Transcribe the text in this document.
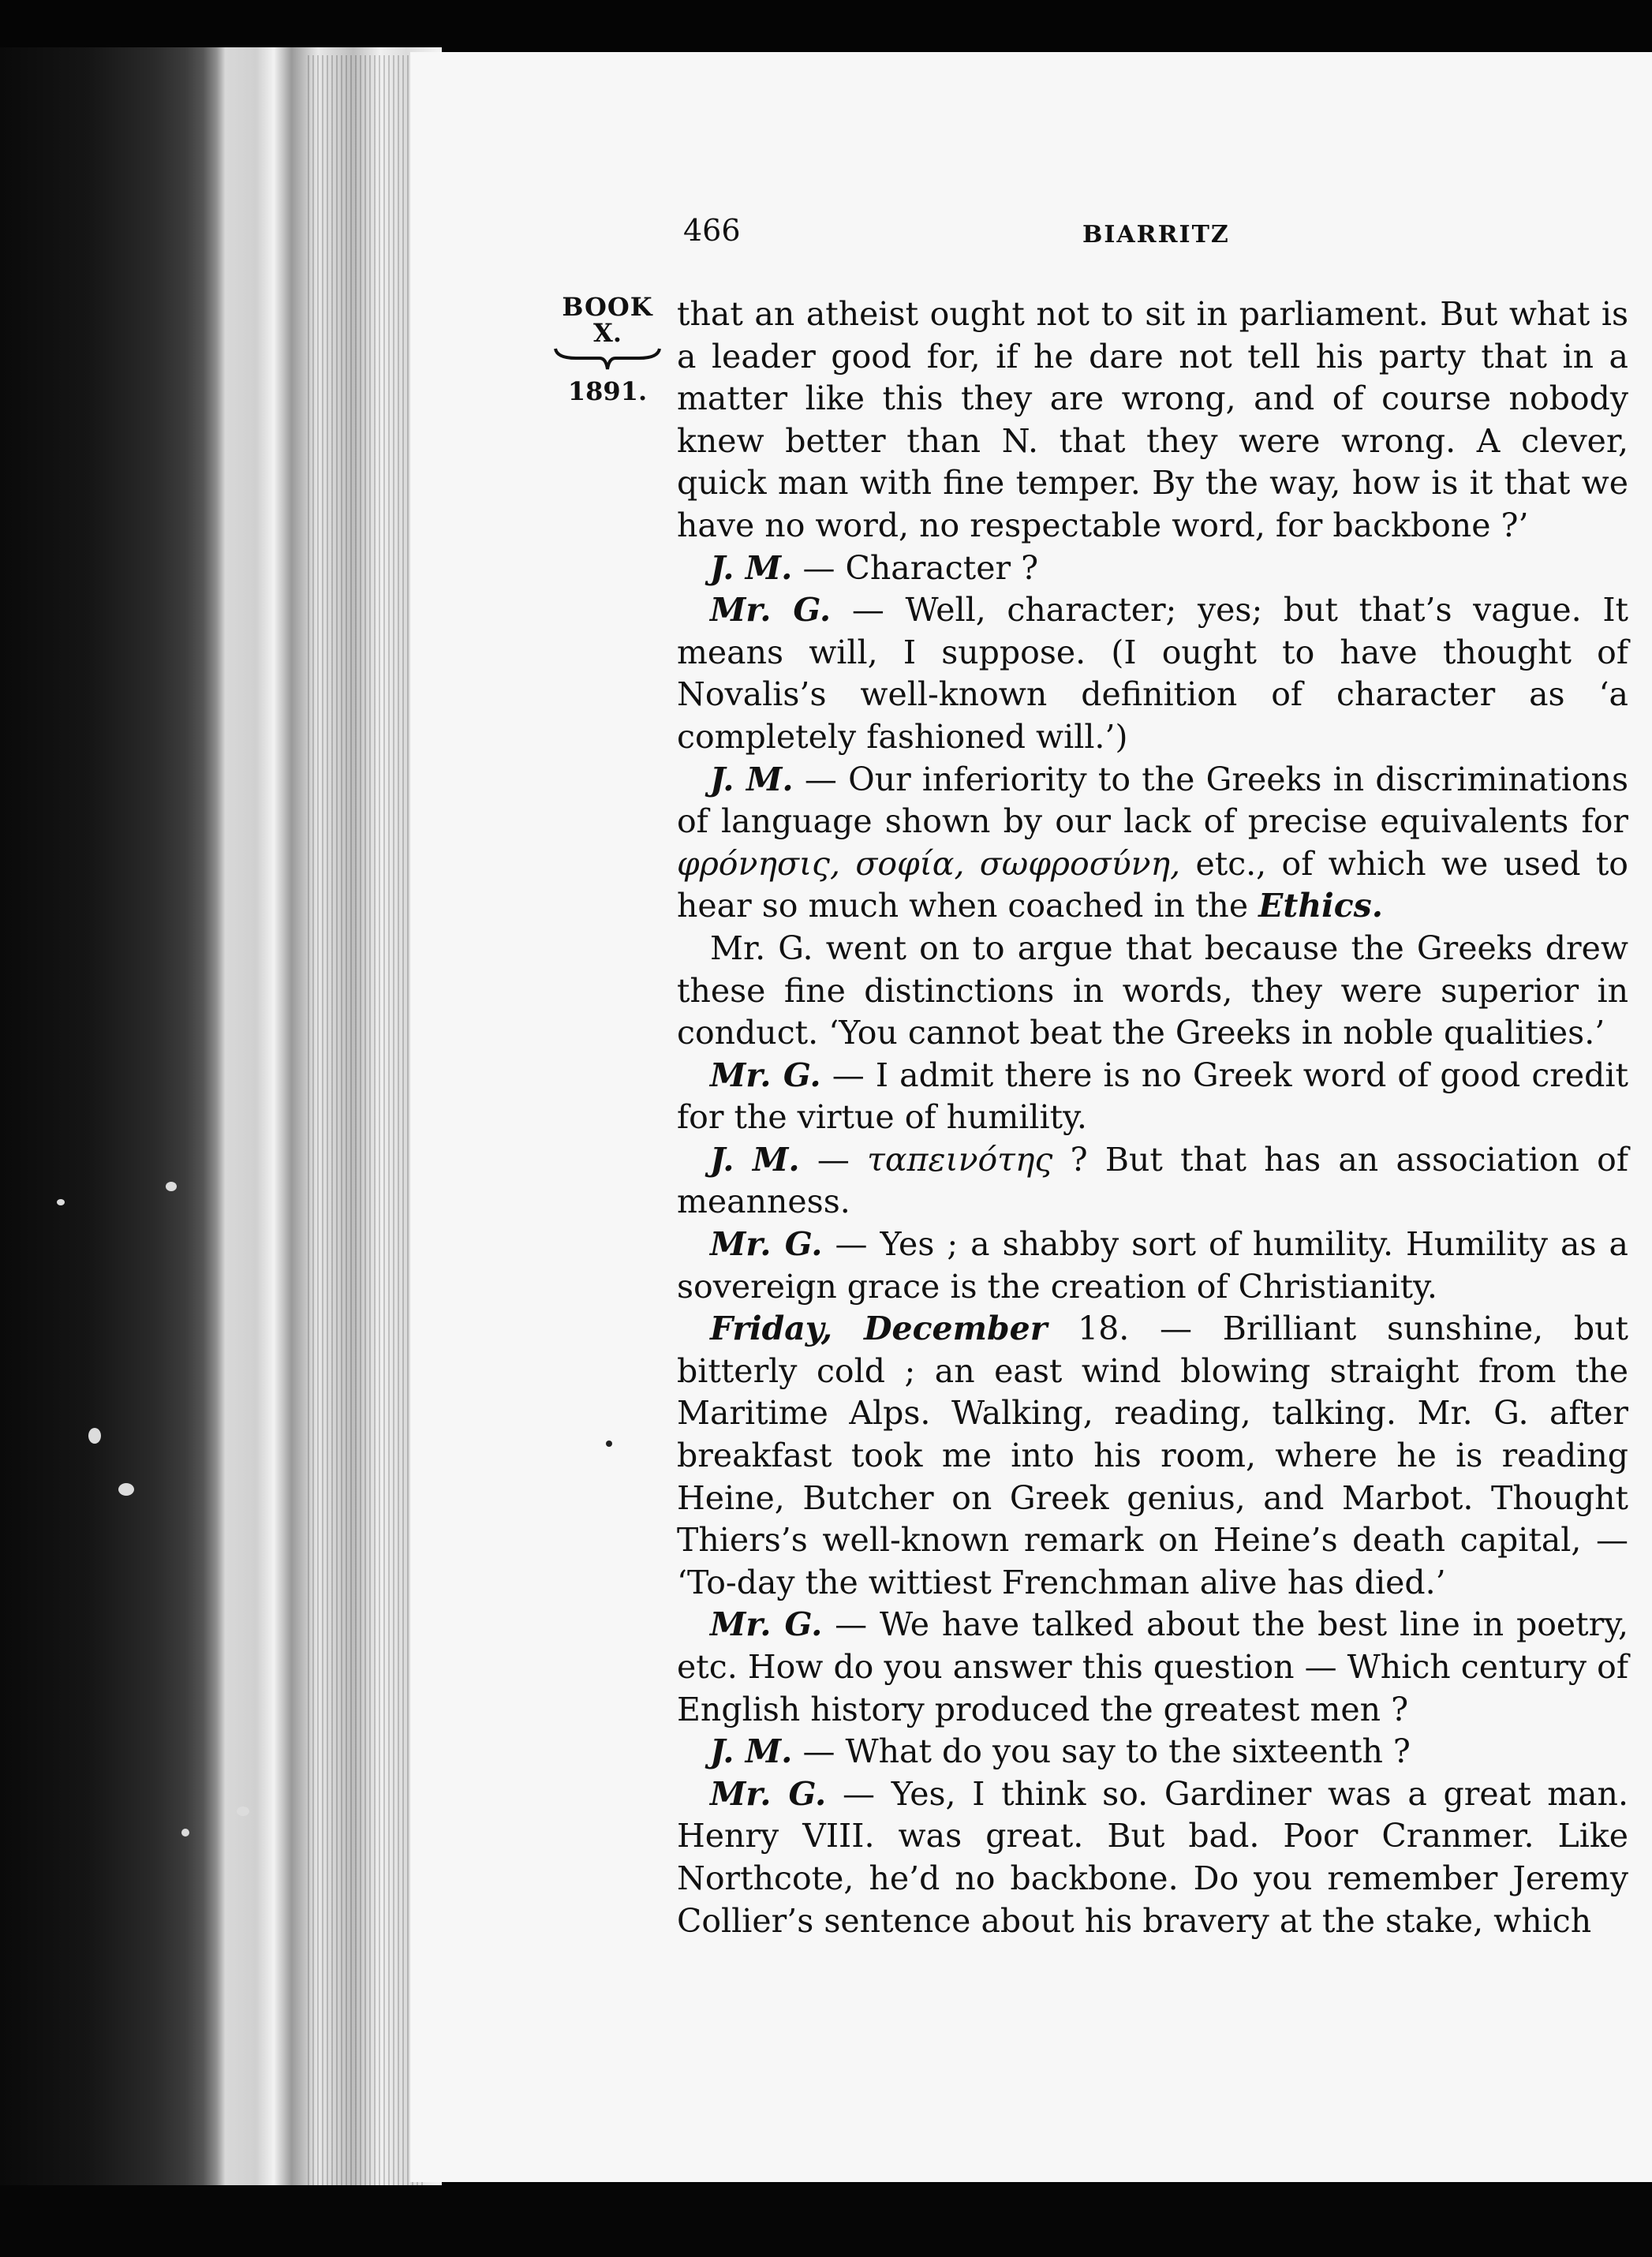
466	BIARRITZ
BOOK
X.
1891.

that an atheist ought not to sit in parliament. But what is a leader good for, if he dare not tell his party that in a matter like this they are wrong, and of course nobody knew better than N. that they were wrong. A clever, quick man with fine temper. By the way, how is it that we have no word, no respectable word, for backbone ?’

J. M. — Character ?

Mr. G. — Well, character; yes; but that’s vague. It means will, I suppose. (I ought to have thought of Novalis’s well-known definition of character as ‘a completely fashioned will.’)

J. M. — Our inferiority to the Greeks in discriminations of language shown by our lack of precise equivalents for φρόνησις, σοφία, σωφροσύνη, etc., of which we used to hear so much when coached in the Ethics.

Mr. G. went on to argue that because the Greeks drew these fine distinctions in words, they were superior in conduct. ‘You cannot beat the Greeks in noble qualities.’

Mr. G. — I admit there is no Greek word of good credit for the virtue of humility.

J. M. — ταπεινότης ? But that has an association of meanness.

Mr. G. — Yes ; a shabby sort of humility. Humility as a sovereign grace is the creation of Christianity.

Friday, December 18. — Brilliant sunshine, but bitterly cold ; an east wind blowing straight from the Maritime Alps. Walking, reading, talking. Mr. G. after breakfast took me into his room, where he is reading Heine, Butcher on Greek genius, and Marbot. Thought Thiers’s well-known remark on Heine’s death capital, — ‘To-day the wittiest Frenchman alive has died.’

Mr. G. — We have talked about the best line in poetry, etc. How do you answer this question — Which century of English history produced the greatest men ?

J. M. — What do you say to the sixteenth ?

Mr. G. — Yes, I think so. Gardiner was a great man. Henry VIII. was great. But bad. Poor Cranmer. Like Northcote, he’d no backbone. Do you remember Jeremy Collier’s sentence about his bravery at the stake, which
